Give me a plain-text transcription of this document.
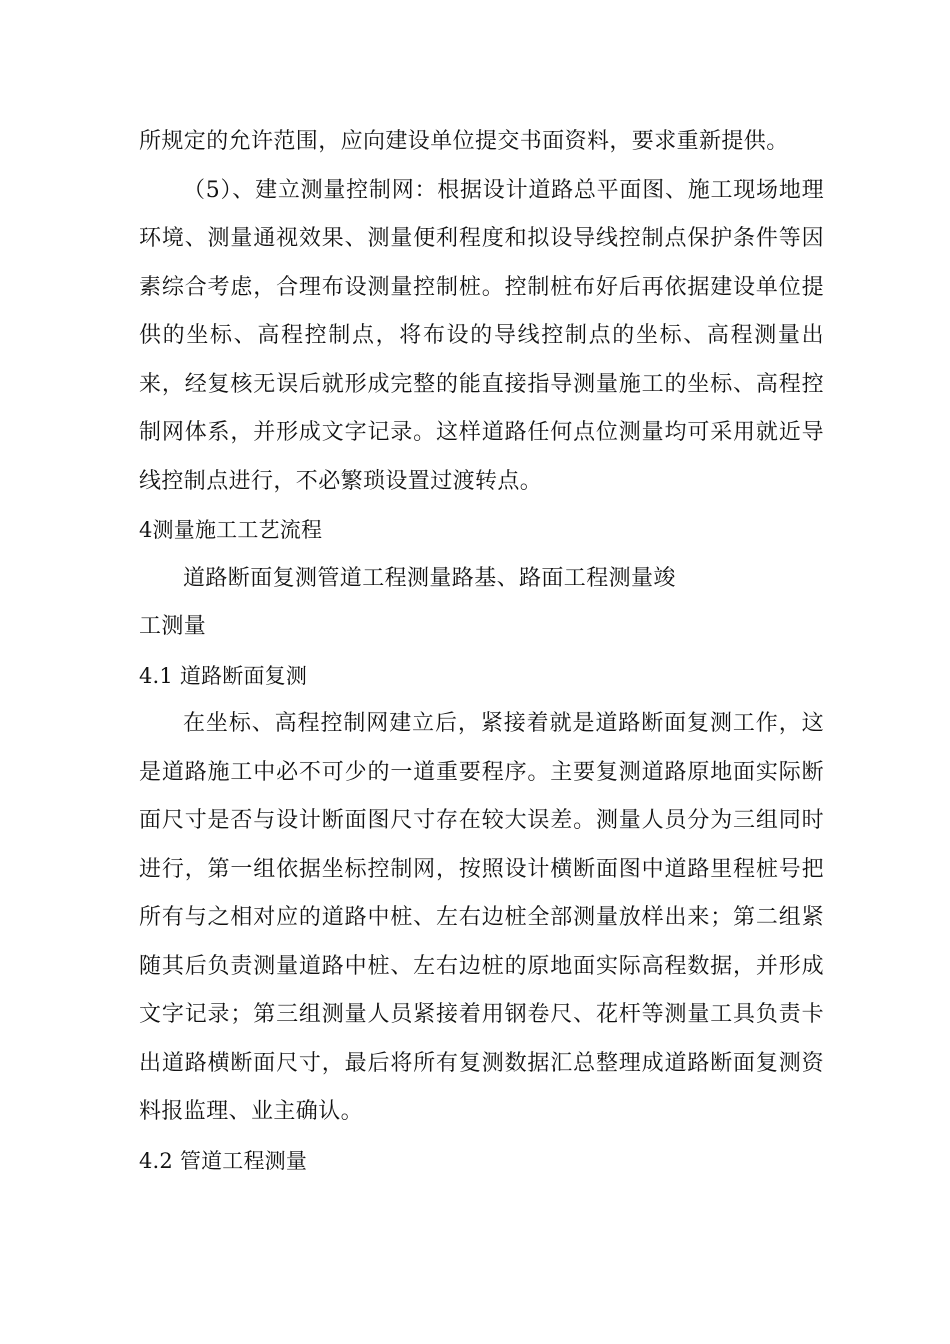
所规定的允许范围，应向建设单位提交书面资料，要求重新提供。

（5）、建立测量控制网：根据设计道路总平面图、施工现场地理环境、测量通视效果、测量便利程度和拟设导线控制点保护条件等因素综合考虑，合理布设测量控制桩。控制桩布好后再依据建设单位提供的坐标、高程控制点，将布设的导线控制点的坐标、高程测量出来，经复核无误后就形成完整的能直接指导测量施工的坐标、高程控制网体系，并形成文字记录。这样道路任何点位测量均可采用就近导线控制点进行，不必繁琐设置过渡转点。

4测量施工工艺流程

道路断面复测管道工程测量路基、路面工程测量竣

工测量

4.1 道路断面复测

在坐标、高程控制网建立后，紧接着就是道路断面复测工作，这是道路施工中必不可少的一道重要程序。主要复测道路原地面实际断面尺寸是否与设计断面图尺寸存在较大误差。测量人员分为三组同时进行，第一组依据坐标控制网，按照设计横断面图中道路里程桩号把所有与之相对应的道路中桩、左右边桩全部测量放样出来；第二组紧随其后负责测量道路中桩、左右边桩的原地面实际高程数据，并形成文字记录；第三组测量人员紧接着用钢卷尺、花杆等测量工具负责卡出道路横断面尺寸，最后将所有复测数据汇总整理成道路断面复测资料报监理、业主确认。

4.2 管道工程测量
